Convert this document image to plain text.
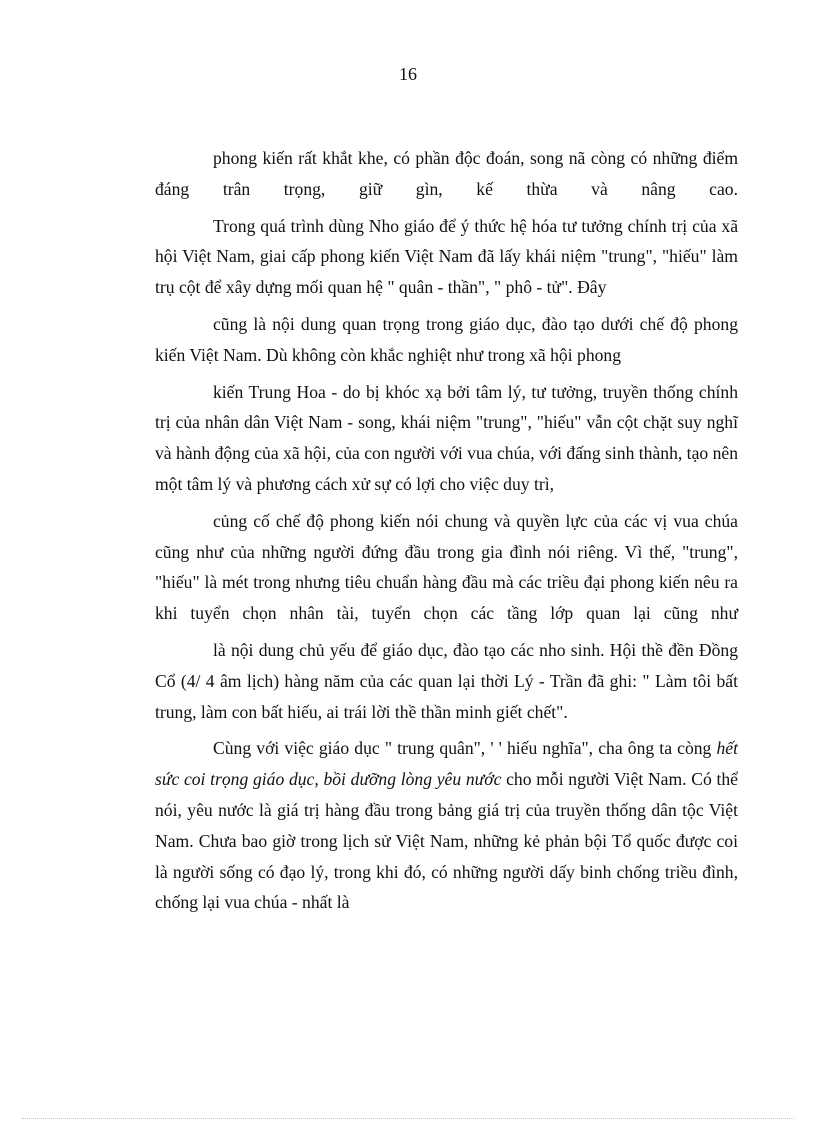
16

phong kiến rất khắt khe, có phần độc đoán, song nã còng có những điểm đáng trân trọng, giữ gìn, kế thừa và nâng cao.

Trong quá trình dùng Nho giáo để ý thức hệ hóa tư tưởng chính trị của xã hội Việt Nam, giai cấp phong kiến Việt Nam đã lấy khái niệm "trung", "hiếu" làm trụ cột để xây dựng mối quan hệ " quân - thần", " phô - tử". Đây

cũng là nội dung quan trọng trong giáo dục, đào tạo dưới chế độ phong kiến Việt Nam. Dù không còn khắc nghiệt như trong xã hội phong

kiến Trung Hoa - do bị khóc xạ bởi tâm lý, tư tưởng, truyền thống chính trị của nhân dân Việt Nam - song, khái niệm "trung", "hiếu" vẫn cột chặt suy nghĩ và hành động của xã hội, của con người với vua chúa, với đấng sinh thành, tạo nên một tâm lý và phương cách xử sự có lợi cho việc duy trì,

củng cố chế độ phong kiến nói chung và quyền lực của các vị vua chúa cũng như của những người đứng đầu trong gia đình nói riêng. Vì thế, "trung", "hiếu" là mét trong nhưng tiêu chuẩn hàng đầu mà các triều đại phong kiến nêu ra khi tuyển chọn nhân tài, tuyển chọn các tầng lớp quan lại cũng như

là nội dung chủ yếu để giáo dục, đào tạo các nho sinh. Hội thề đền Đồng Cổ (4/ 4 âm lịch) hàng năm của các quan lại thời Lý - Trần đã ghi: " Làm tôi bất trung, làm con bất hiếu, ai trái lời thề thần minh giết chết".

Cùng với việc giáo dục " trung quân", ' ' hiếu nghĩa", cha ông ta còng hết sức coi trọng giáo dục, bồi dưỡng lòng yêu nước cho mỗi người Việt Nam. Có thể nói, yêu nước là giá trị hàng đầu trong bảng giá trị của truyền thống dân tộc Việt Nam. Chưa bao giờ trong lịch sử Việt Nam, những kẻ phản bội Tổ quốc được coi là người sống có đạo lý, trong khi đó, có những người dấy binh chống triều đình, chống lại vua chúa - nhất là
